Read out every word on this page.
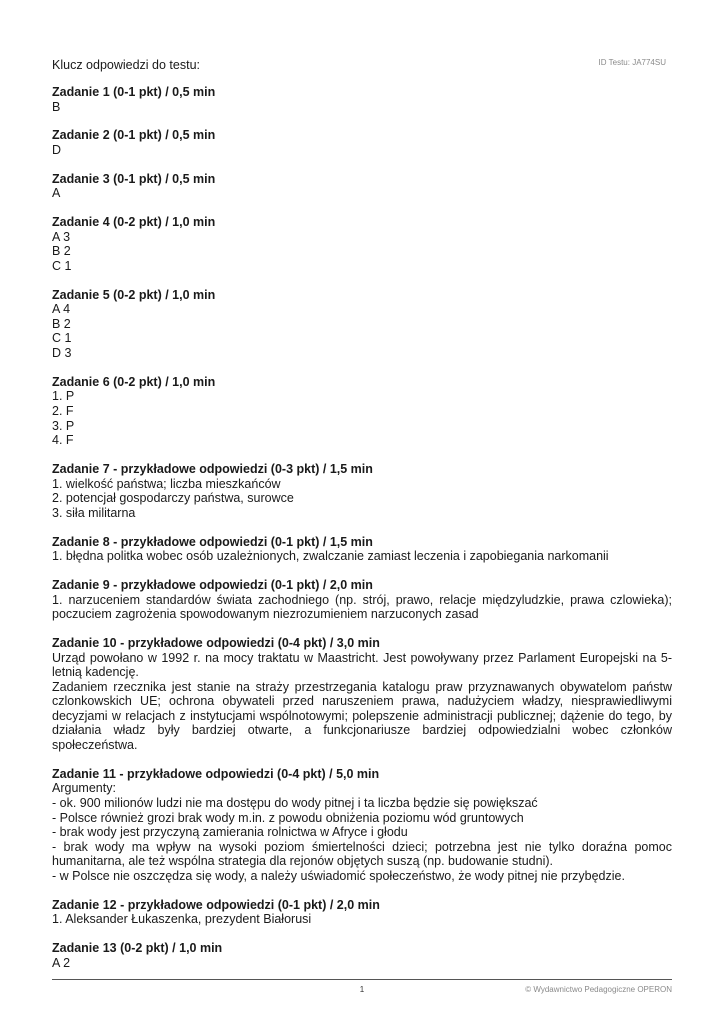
Klucz odpowiedzi do testu:	ID Testu: JA774SU
Zadanie 1 (0-1 pkt) / 0,5 min
B
Zadanie 2 (0-1 pkt) / 0,5 min
D
Zadanie 3 (0-1 pkt) / 0,5 min
A
Zadanie 4 (0-2 pkt) / 1,0 min
A 3
B 2
C 1
Zadanie 5 (0-2 pkt) / 1,0 min
A 4
B 2
C 1
D 3
Zadanie 6 (0-2 pkt) / 1,0 min
1. P
2. F
3. P
4. F
Zadanie 7 - przykładowe odpowiedzi (0-3 pkt) / 1,5 min
1. wielkość państwa; liczba mieszkańców
2. potencjał gospodarczy państwa, surowce
3. siła militarna
Zadanie 8 - przykładowe odpowiedzi (0-1 pkt) / 1,5 min
1. błędna politka wobec osób uzależnionych, zwalczanie zamiast leczenia i zapobiegania narkomanii
Zadanie 9 - przykładowe odpowiedzi (0-1 pkt) / 2,0 min
1. narzuceniem standardów świata zachodniego (np. strój, prawo, relacje międzyludzkie, prawa czlowieka); poczuciem zagrożenia spowodowanym niezrozumieniem narzuconych zasad
Zadanie 10 - przykładowe odpowiedzi (0-4 pkt) / 3,0 min
Urząd powołano w 1992 r. na mocy traktatu w Maastricht. Jest powoływany przez Parlament Europejski na 5-letnią kadencję.
Zadaniem rzecznika jest stanie na straży przestrzegania katalogu praw przyznawanych obywatelom państw czlonkowskich UE; ochrona obywateli przed naruszeniem prawa, nadużyciem władzy, niesprawiedliwymi decyzjami w relacjach z instytucjami wspólnotowymi; polepszenie administracji publicznej; dążenie do tego, by działania władz były bardziej otwarte, a funkcjonariusze bardziej odpowiedzialni wobec członków społeczeństwa.
Zadanie 11 - przykładowe odpowiedzi (0-4 pkt) / 5,0 min
Argumenty:
- ok. 900 milionów ludzi nie ma dostępu do wody pitnej i ta liczba będzie się powiększać
- Polsce również grozi brak wody m.in. z powodu obniżenia poziomu wód gruntowych
- brak wody jest przyczyną zamierania rolnictwa w Afryce i głodu
- brak wody ma wpływ na wysoki poziom śmiertelności dzieci; potrzebna jest nie tylko doraźna pomoc humanitarna, ale też wspólna strategia dla rejonów objętych suszą (np. budowanie studni).
- w Polsce nie oszczędza się wody, a należy uświadomić społeczeństwo, że wody pitnej nie przybędzie.
Zadanie 12 - przykładowe odpowiedzi (0-1 pkt) / 2,0 min
1. Aleksander Łukaszenka, prezydent Białorusi
Zadanie 13 (0-2 pkt) / 1,0 min
A 2
1	© Wydawnictwo Pedagogiczne OPERON
